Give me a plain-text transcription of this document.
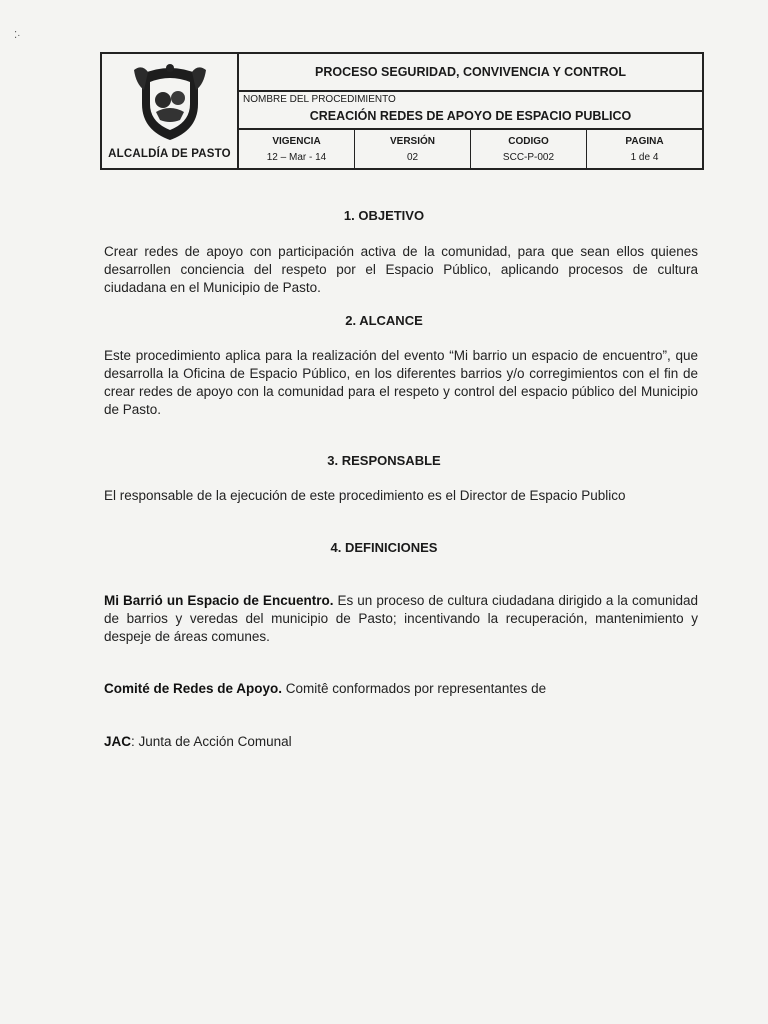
⁚·
ALCALDÍA DE PASTO
PROCESO SEGURIDAD, CONVIVENCIA Y CONTROL
NOMBRE DEL PROCEDIMIENTO
CREACIÓN REDES DE APOYO DE ESPACIO PUBLICO
VIGENCIA
12 – Mar - 14
VERSIÓN
02
CODIGO
SCC-P-002
PAGINA
1 de 4
1. OBJETIVO
Crear redes de apoyo con participación activa de la comunidad, para que sean ellos quienes desarrollen conciencia del respeto por el Espacio Público, aplicando procesos de cultura ciudadana en el Municipio de Pasto.
2. ALCANCE
Este procedimiento aplica para la realización del evento “Mi barrio un espacio de encuentro”, que desarrolla la Oficina de Espacio Público, en los diferentes barrios y/o corregimientos con el fin de crear redes de apoyo con la comunidad para el respeto y control del espacio público del Municipio de Pasto.
3. RESPONSABLE
El responsable de la ejecución de este procedimiento es el Director de Espacio Publico
4. DEFINICIONES
Mi Barrió un Espacio de Encuentro. Es un proceso de cultura ciudadana dirigido a la comunidad de barrios y veredas del municipio de Pasto; incentivando la recuperación, mantenimiento y despeje de áreas comunes.
Comité de Redes de Apoyo. Comitê conformados por representantes de
JAC: Junta de Acción Comunal
